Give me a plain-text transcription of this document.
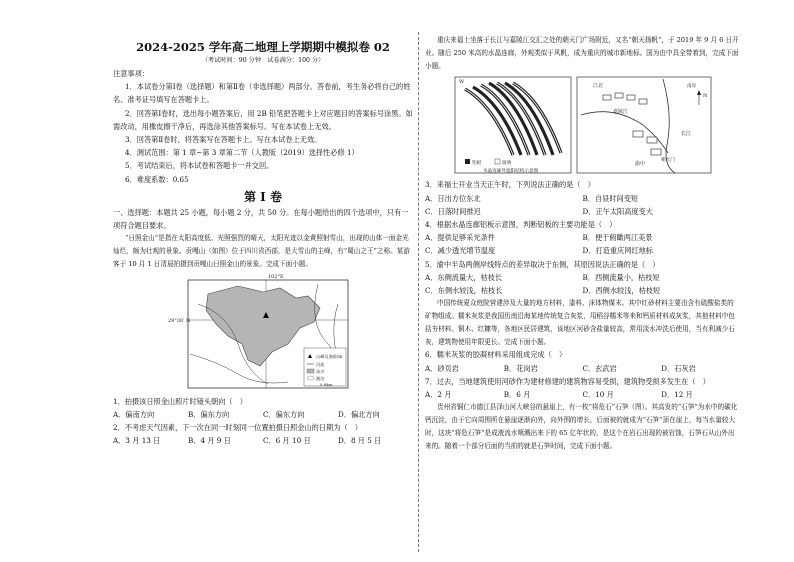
2024-2025 学年高二地理上学期期中模拟卷 02
（考试时间：90 分钟　试卷满分：100 分）
注意事项：
1．本试卷分第Ⅰ卷（选择题）和第Ⅱ卷（非选择题）两部分。答卷前，考生务必将自己的姓名、准考证号填写在答题卡上。
2．回答第Ⅰ卷时，选出每小题答案后，用 2B 铅笔把答题卡上对应题目的答案标号涂黑。如需改动，用橡皮擦干净后，再选涂其他答案标号。写在本试卷上无效。
3．回答第Ⅱ卷时，将答案写在答题卡上。写在本试卷上无效。
4．测试范围：第 1 章~第 3 章第二节（人教版（2019）选择性必修 1）
5．考试结束后，将本试卷和答题卡一并交回。
6．难度系数：0.65
第 I 卷
一、选择题：本题共 25 小题，每小题 2 分，共 50 分。在每小题给出的四个选项中，只有一项符合题目要求。
“日照金山”是指在太阳高度低、光照强烈的晴天，太阳光迹以金黄照射雪山，出现的山体一面金光灿烂，颇为壮观的景象。贡嘎山（如图）位于四川省西部，是大雪山的主峰，有“蜀山之王”之称。某游客于 10 月 1 日清晨拍摄到贡嘎山日照金山的景象。完成下面小题。
102°E
29°30′ N
山峰及海拔/m
河流
冰川
湖泊
0 8km
1．拍摄该日照金山照片时镜头朝向（　）
A．偏南方向	B．偏东方向	C．偏东方向	D．偏北方向
2．不考虑天气因素，下一次在同一时刻同一位置拍摄日照金山的日期为（　）
A．3 月 13 日	B．4 月 9 日	C．6 月 10 日	D．8 月 5 日
重庆来福士坐落于长江与嘉陵江交汇之处的朝天门广场附近，又名“朝天扬帆”，于 2019 年 9 月 6 日开业。随后 250 米高的水晶连廊，外观类似于风帆，成为重庆的城市新地标。国为由中具全带着到，完成下面小题。
W
铝板	玻璃
江北
嘉陵江
长江
渝中
朝天门
南岸
N
水晶连廊外遮阳结构示意图
3．来福士开业当天正午时，下列说法正确的是（　）
A．日出方位东北	B．自昼时间变短
C．日落时间推迟	D．正午太阳高度变大
4．根据水晶连廊铝板示意图，判断铝板的主要功能是（　）
A．提供足够采光条件	B．便于俯瞰两江美景
C．减少透光增节温度	D．打造重庆网红地标
5．渝中半岛两侧岸线特点的差异取决于东侧，其原因说法正确的是（　）
A．东侧流量大，枯枝长	B．西侧流量小，枯枝短
C．东侧水较浅，枯枝长	D．西侧水较浅，枯枝短
中国传统夏众庭院营建涉及大量的地方材料，漆料、沫体物煤末。其中红砂材料主要由含有硫酸盐类的矿物组成。糯米灰浆是我国历南沿海某地传统复合灰浆，用稻谷糯米等来和钙质材料成灰浆，其他材料中包括夯材料、铜木、红糠等，各地区民居建筑，该地区河砂含盐量较高，常用淡水冲洗后使用，当有利减少石灰，建筑物使用年限更长。完成下面小题。
6．糯米灰浆的胶凝材料采用组成完成（　）
A．砂页岩	B．花岗岩	C．玄武岩	D．石灰岩
7．过去，当地建筑使用河砂作为建材修建的建筑物容易受损，建筑物受损多发生在（　）
A．2 月	B．6 月	C．10 月	D．12 月
贵州省铜仁市德江县泽山河大峡谷的悬崖上，有一枚“将危石”石笋（图）。其高发的“石笋”为水中的碳化钙沉淀，由于它向周围所在悬崖逐渐向外，向外围的增长，后面被的就成为“石笋”顶在崖上，每当水量较大时，这块“将危石笋”是成液流水喷溅出来下的 65 亿年状的，是这个在岩石出现的被岩蚀，石笋石从山外出来的。随着一个部分后面的当前的就是石笋时间，完成下面小题。
